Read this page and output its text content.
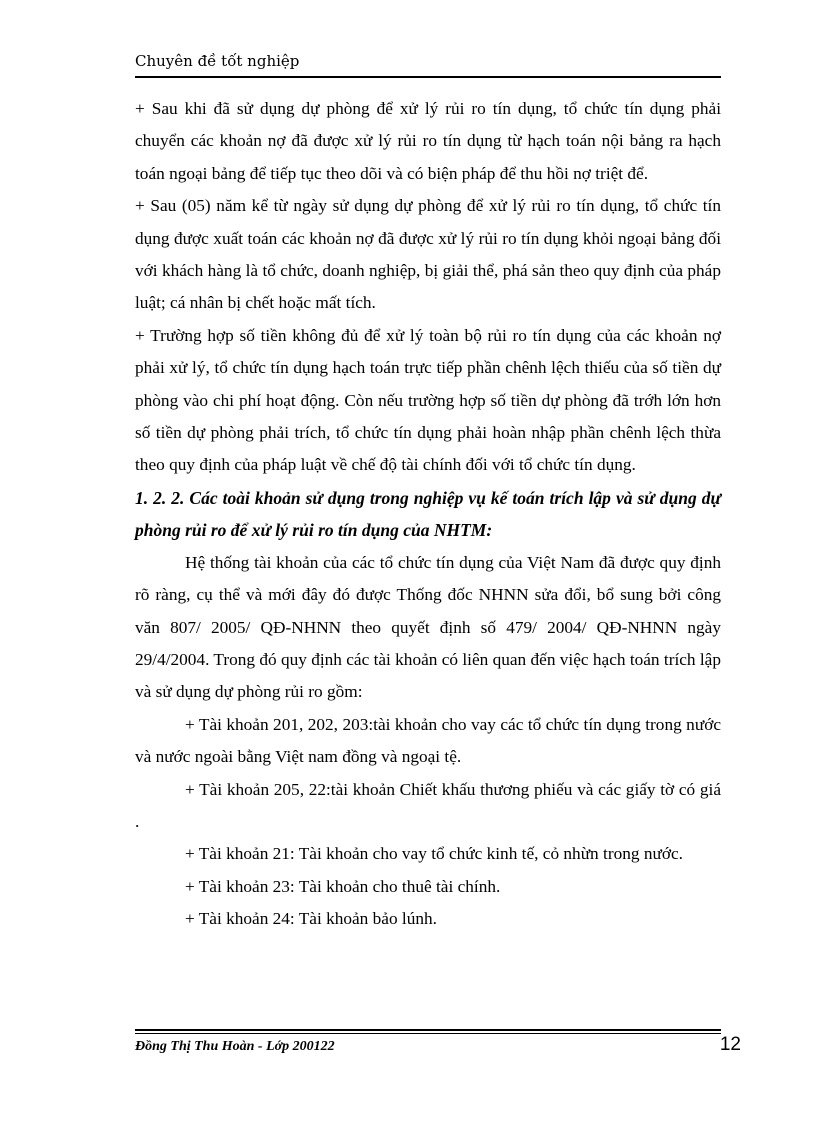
Chuyên đề tốt nghiệp

+ Sau khi đã sử dụng dự phòng để xử lý rủi ro tín dụng, tổ chức tín dụng phải chuyển các khoản nợ đã được xử lý rủi ro tín dụng từ hạch toán nội bảng ra hạch toán ngoại bảng để tiếp tục theo dõi và có biện pháp để thu hồi nợ triệt để.

+ Sau (05) năm kể từ ngày sử dụng dự phòng để xử lý rủi ro tín dụng, tổ chức tín dụng được xuất toán các khoản nợ đã được xử lý rủi ro tín dụng khỏi ngoại bảng đối với khách hàng là tổ chức, doanh nghiệp, bị giải thể, phá sản theo quy định của pháp luật; cá nhân bị chết hoặc mất tích.

+ Trường hợp số tiền không đủ để xử lý toàn bộ rủi ro tín dụng của các khoản nợ phải xử lý, tổ chức tín dụng hạch toán trực tiếp phần chênh lệch thiếu của số tiền dự phòng vào chi phí hoạt động. Còn nếu trường hợp số tiền dự phòng đã trớh lớn hơn số tiền dự phòng phải trích, tổ chức tín dụng phải hoàn nhập phần chênh lệch thừa theo quy định của pháp luật về chế độ tài chính đối với tổ chức tín dụng.

1. 2. 2. Các toài khoản sử dụng trong nghiệp vụ kế toán trích lập và sử dụng dự phòng rủi ro để xử lý rủi ro tín dụng của NHTM:

Hệ thống tài khoản của các tổ chức tín dụng của Việt Nam đã được quy định rõ ràng, cụ thể và mới đây đó được Thống đốc NHNN sửa đổi, bổ sung bởi công văn 807/ 2005/ QĐ-NHNN theo quyết định số 479/ 2004/ QĐ-NHNN ngày 29/4/2004. Trong đó quy định các tài khoản có liên quan đến việc hạch toán trích lập và sử dụng dự phòng rủi ro gồm:

+ Tài khoản 201, 202, 203:tài khoản cho vay các tổ chức tín dụng trong nước và nước ngoài bằng Việt nam đồng và ngoại tệ.

+ Tài khoản 205, 22:tài khoản Chiết khấu thương phiếu và các giấy tờ có giá .

+ Tài khoản 21: Tài khoản cho vay tổ chức kinh tế, cỏ nhừn trong nước.

+ Tài khoản 23: Tài khoản cho thuê tài chính.

+ Tài khoản 24: Tài khoản bảo lúnh.

Đồng Thị Thu Hoàn - Lớp 200122	12
